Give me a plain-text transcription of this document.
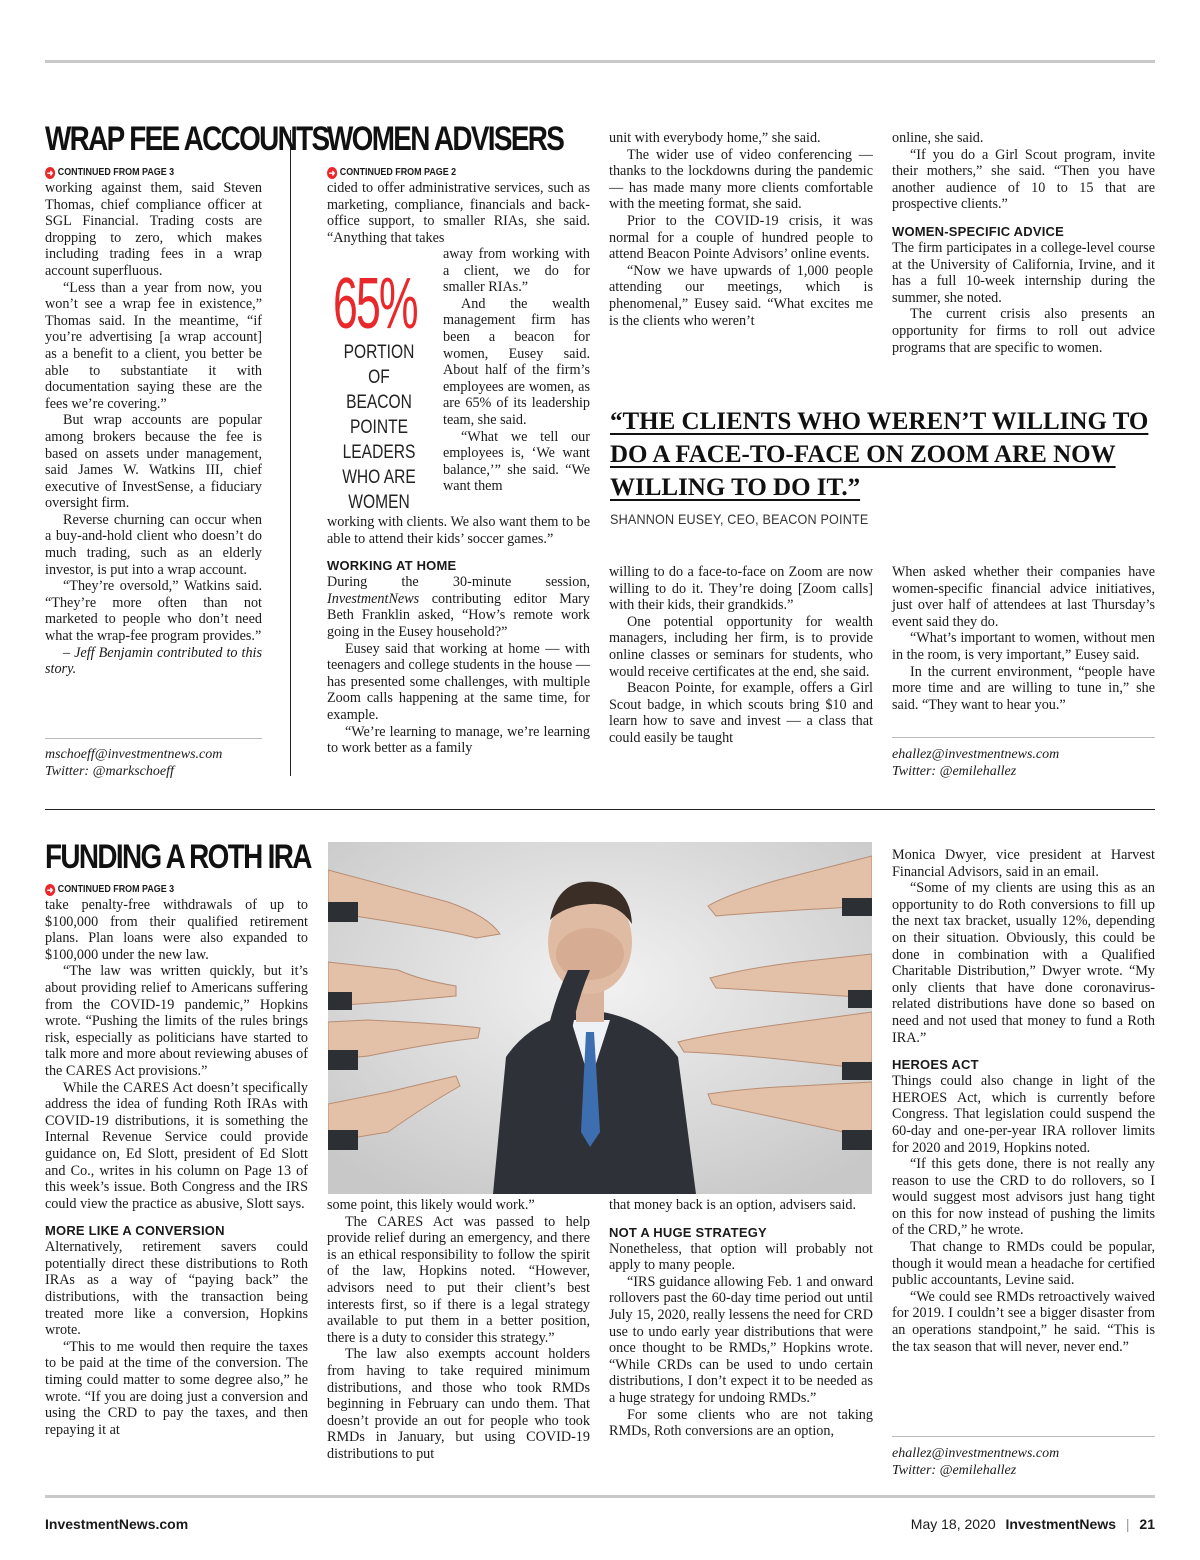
WRAP FEE ACCOUNTS
➜ CONTINUED FROM PAGE 3

working against them, said Steven Thomas, chief compliance officer at SGL Financial. Trading costs are dropping to zero, which makes including trading fees in a wrap account superfluous.

“Less than a year from now, you won’t see a wrap fee in existence,” Thomas said. In the meantime, “if you’re advertising [a wrap account] as a benefit to a client, you better be able to substantiate it with documentation saying these are the fees we’re covering.”

But wrap accounts are popular among brokers because the fee is based on assets under management, said James W. Watkins III, chief executive of InvestSense, a fiduciary oversight firm.

Reverse churning can occur when a buy-and-hold client who doesn’t do much trading, such as an elderly investor, is put into a wrap account.

“They’re oversold,” Watkins said. “They’re more often than not marketed to people who don’t need what the wrap-fee program provides.”

– Jeff Benjamin contributed to this story.

mschoeff@investmentnews.com
Twitter: @markschoeff
WOMEN ADVISERS
➜ CONTINUED FROM PAGE 2
cided to offer administrative services, such as marketing, compliance, financials and back-office support, to smaller RIAs, she said. “Anything that takes
65%
PORTION OF BEACON POINTE LEADERS WHO ARE WOMEN

away from working with a client, we do for smaller RIAs.”

And the wealth management firm has been a beacon for women, Eusey said. About half of the firm’s employees are women, as are 65% of its leadership team, she said.

“What we tell our employees is, ‘We want balance,’” she said. “We want them

working with clients. We also want them to be able to attend their kids’ soccer games.”

WORKING AT HOME

During the 30-minute session, InvestmentNews contributing editor Mary Beth Franklin asked, “How’s remote work going in the Eusey household?”

Eusey said that working at home — with teenagers and college students in the house — has presented some challenges, with multiple Zoom calls happening at the same time, for example.

“We’re learning to manage, we’re learning to work better as a family

unit with everybody home,” she said.

The wider use of video conferencing — thanks to the lockdowns during the pandemic — has made many more clients comfortable with the meeting format, she said.

Prior to the COVID-19 crisis, it was normal for a couple of hundred people to attend Beacon Pointe Advisors’ online events.

“Now we have upwards of 1,000 people attending our meetings, which is phenomenal,” Eusey said. “What excites me is the clients who weren’t

online, she said.

“If you do a Girl Scout program, invite their mothers,” she said. “Then you have another audience of 10 to 15 that are prospective clients.”

WOMEN-SPECIFIC ADVICE

The firm participates in a college-level course at the University of California, Irvine, and it has a full 10-week internship during the summer, she noted.

The current crisis also presents an opportunity for firms to roll out advice programs that are specific to women.

“THE CLIENTS WHO WEREN’T WILLING TO DO A FACE-TO-FACE ON ZOOM ARE NOW WILLING TO DO IT.”
SHANNON EUSEY, CEO, BEACON POINTE

willing to do a face-to-face on Zoom are now willing to do it. They’re doing [Zoom calls] with their kids, their grandkids.”

One potential opportunity for wealth managers, including her firm, is to provide online classes or seminars for students, who would receive certificates at the end, she said.

Beacon Pointe, for example, offers a Girl Scout badge, in which scouts bring $10 and learn how to save and invest — a class that could easily be taught

When asked whether their companies have women-specific financial advice initiatives, just over half of attendees at last Thursday’s event said they do.

“What’s important to women, without men in the room, is very important,” Eusey said.

In the current environment, “people have more time and are willing to tune in,” she said. “They want to hear you.”

ehallez@investmentnews.com
Twitter: @emilehallez
FUNDING A ROTH IRA
➜ CONTINUED FROM PAGE 3

take penalty-free withdrawals of up to $100,000 from their qualified retirement plans. Plan loans were also expanded to $100,000 under the new law.

“The law was written quickly, but it’s about providing relief to Americans suffering from the COVID-19 pandemic,” Hopkins wrote. “Pushing the limits of the rules brings risk, especially as politicians have started to talk more and more about reviewing abuses of the CARES Act provisions.”

While the CARES Act doesn’t specifically address the idea of funding Roth IRAs with COVID-19 distributions, it is something the Internal Revenue Service could provide guidance on, Ed Slott, president of Ed Slott and Co., writes in his column on Page 13 of this week’s issue. Both Congress and the IRS could view the practice as abusive, Slott says.

MORE LIKE A CONVERSION

Alternatively, retirement savers could potentially direct these distributions to Roth IRAs as a way of “paying back” the distributions, with the transaction being treated more like a conversion, Hopkins wrote.

“This to me would then require the taxes to be paid at the time of the conversion. The timing could matter to some degree also,” he wrote. “If you are doing just a conversion and using the CRD to pay the taxes, and then repaying it at

some point, this likely would work.”

The CARES Act was passed to help provide relief during an emergency, and there is an ethical responsibility to follow the spirit of the law, Hopkins noted. “However, advisors need to put their client’s best interests first, so if there is a legal strategy available to put them in a better position, there is a duty to consider this strategy.”

The law also exempts account holders from having to take required minimum distributions, and those who took RMDs beginning in February can undo them. That doesn’t provide an out for people who took RMDs in January, but using COVID-19 distributions to put

that money back is an option, advisers said.

NOT A HUGE STRATEGY

Nonetheless, that option will probably not apply to many people.

“IRS guidance allowing Feb. 1 and onward rollovers past the 60-day time period out until July 15, 2020, really lessens the need for CRD use to undo early year distributions that were once thought to be RMDs,” Hopkins wrote. “While CRDs can be used to undo certain distributions, I don’t expect it to be needed as a huge strategy for undoing RMDs.”

For some clients who are not taking RMDs, Roth conversions are an option,

Monica Dwyer, vice president at Harvest Financial Advisors, said in an email.

“Some of my clients are using this as an opportunity to do Roth conversions to fill up the next tax bracket, usually 12%, depending on their situation. Obviously, this could be done in combination with a Qualified Charitable Distribution,” Dwyer wrote. “My only clients that have done coronavirus-related distributions have done so based on need and not used that money to fund a Roth IRA.”

HEROES ACT

Things could also change in light of the HEROES Act, which is currently before Congress. That legislation could suspend the 60-day and one-per-year IRA rollover limits for 2020 and 2019, Hopkins noted.

“If this gets done, there is not really any reason to use the CRD to do rollovers, so I would suggest most advisors just hang tight on this for now instead of pushing the limits of the CRD,” he wrote.

That change to RMDs could be popular, though it would mean a headache for certified public accountants, Levine said.

“We could see RMDs retroactively waived for 2019. I couldn’t see a bigger disaster from an operations standpoint,” he said. “This is the tax season that will never, never end.”

ehallez@investmentnews.com
Twitter: @emilehallez
InvestmentNews.com	May 18, 2020 InvestmentNews | 21
